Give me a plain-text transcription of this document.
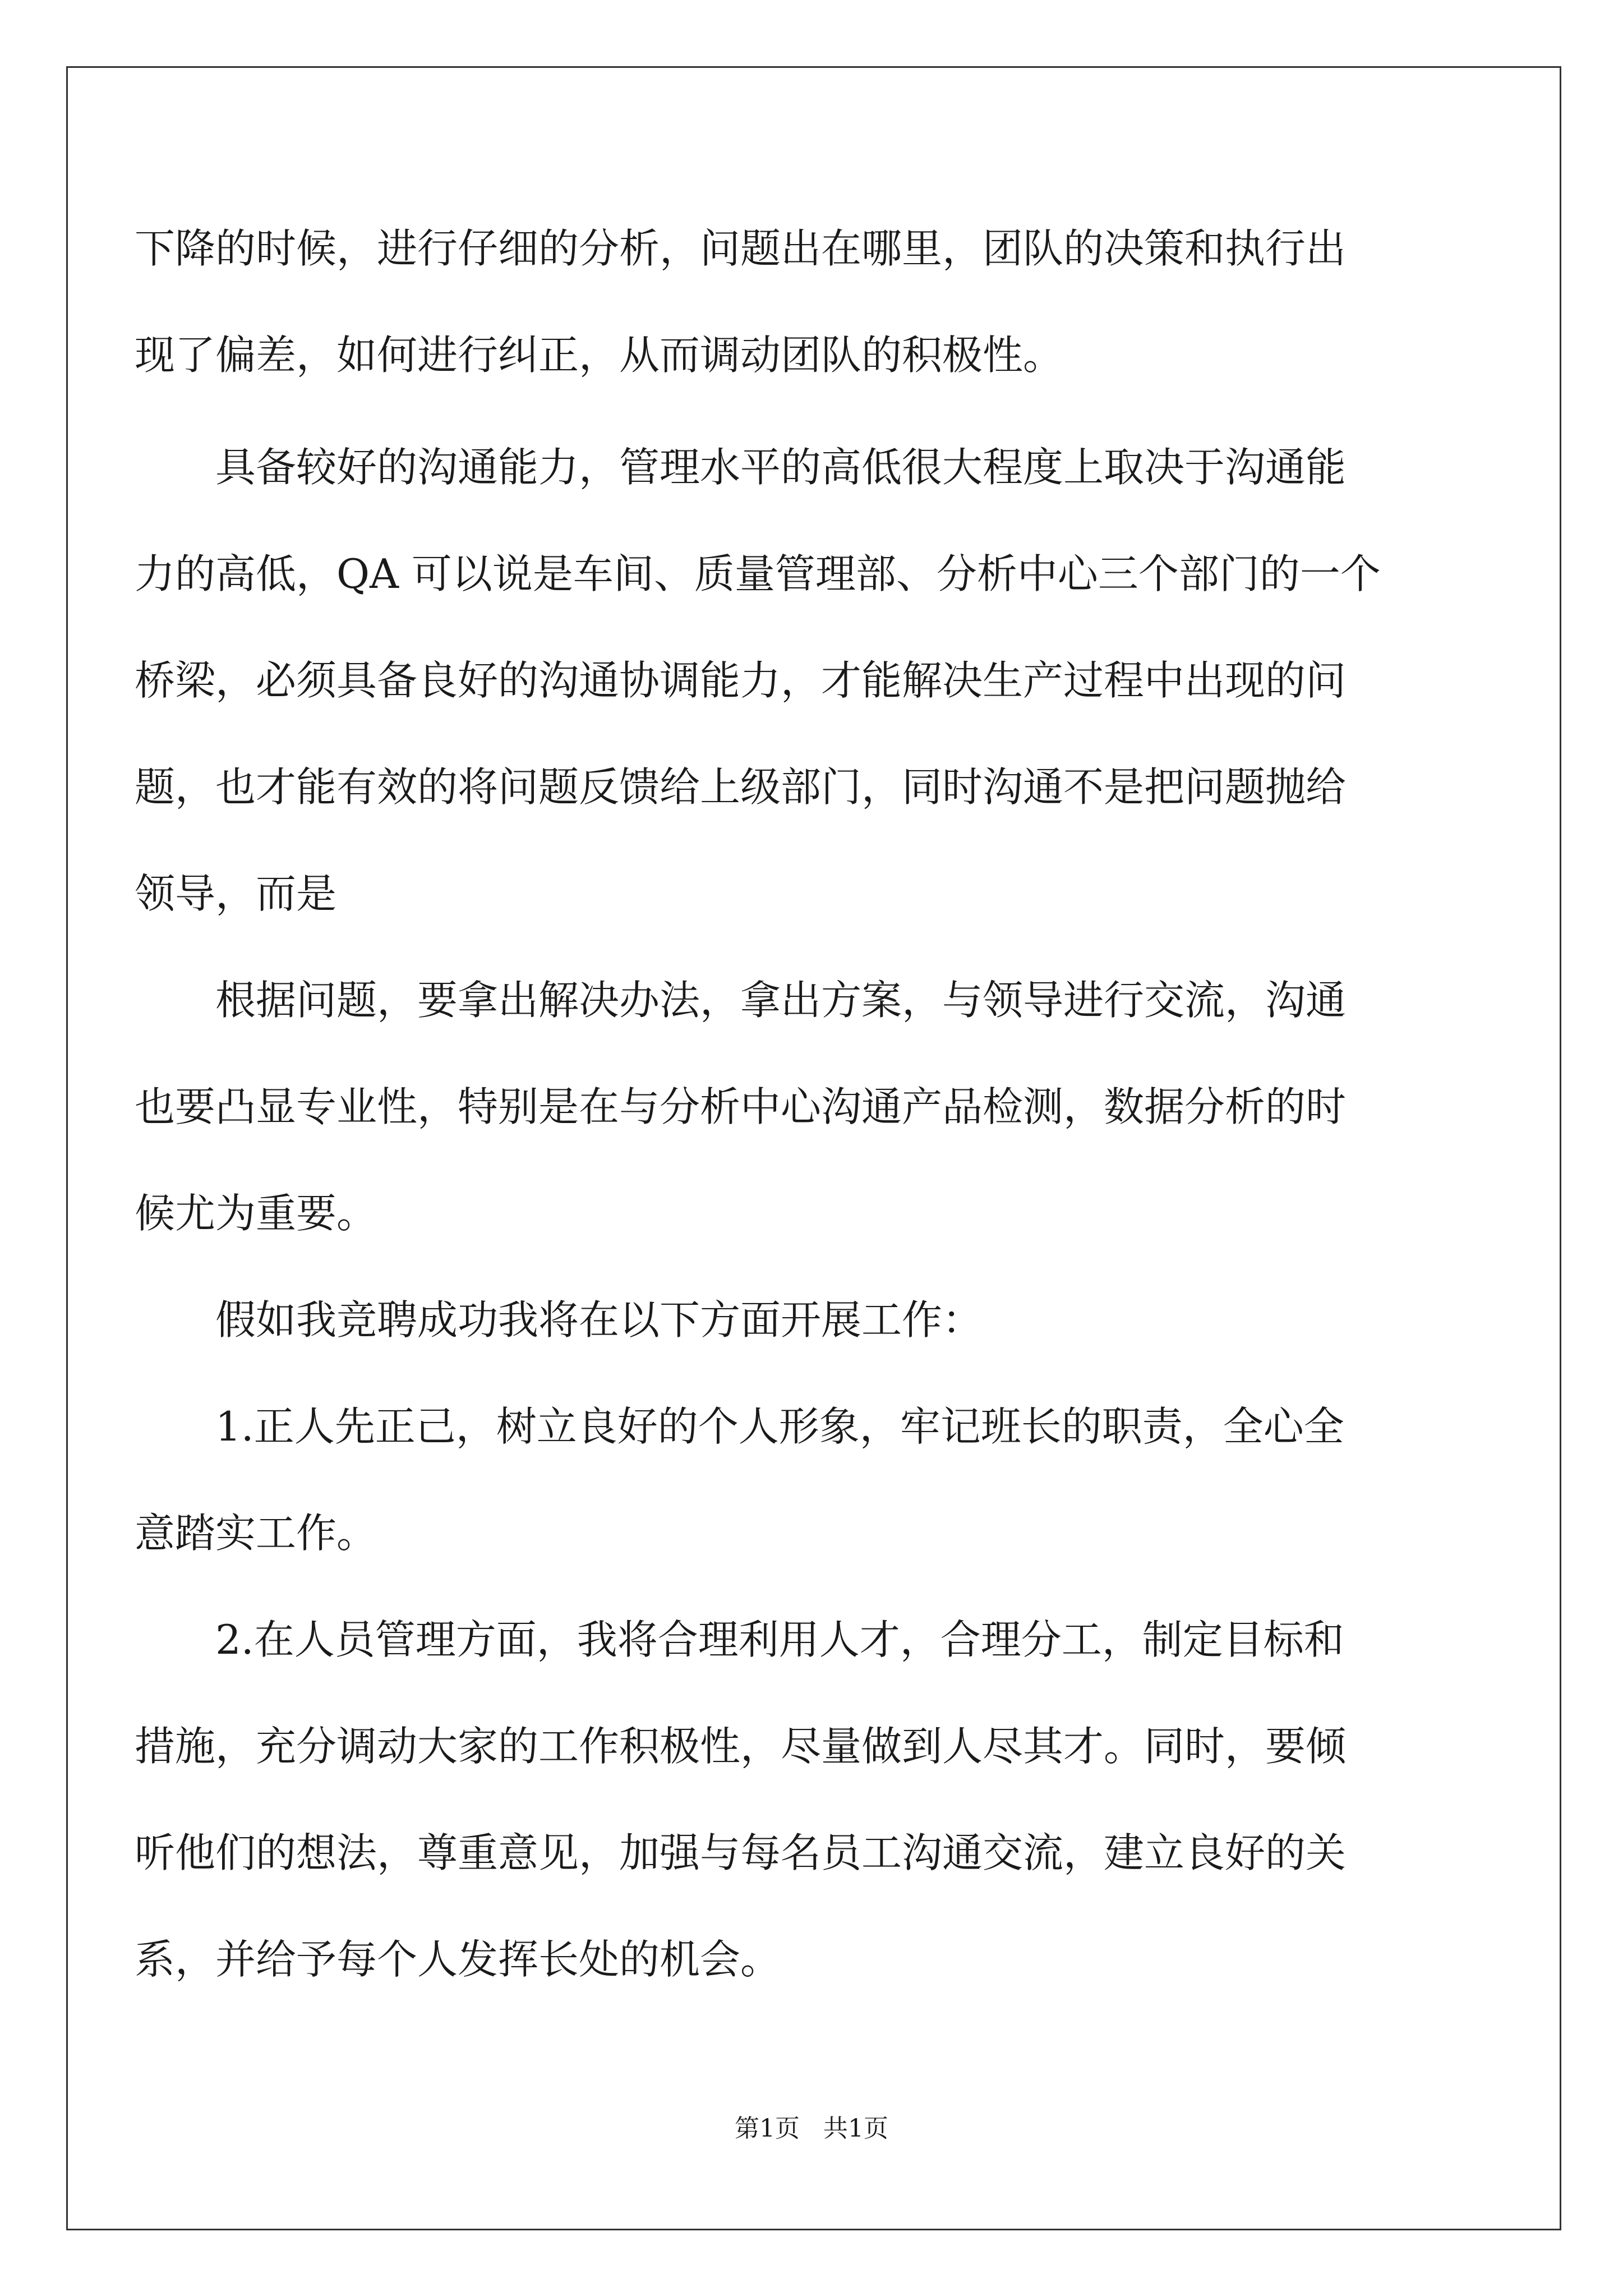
下降的时候，进行仔细的分析，问题出在哪里，团队的决策和执行出
现了偏差，如何进行纠正，从而调动团队的积极性。
具备较好的沟通能力，管理水平的高低很大程度上取决于沟通能
力的高低，QA 可以说是车间、质量管理部、分析中心三个部门的一个
桥梁，必须具备良好的沟通协调能力，才能解决生产过程中出现的问
题，也才能有效的将问题反馈给上级部门，同时沟通不是把问题抛给
领导，而是
根据问题，要拿出解决办法，拿出方案，与领导进行交流，沟通
也要凸显专业性，特别是在与分析中心沟通产品检测，数据分析的时
候尤为重要。
假如我竞聘成功我将在以下方面开展工作：
1.正人先正己，树立良好的个人形象，牢记班长的职责，全心全
意踏实工作。
2.在人员管理方面，我将合理利用人才，合理分工，制定目标和
措施，充分调动大家的工作积极性，尽量做到人尽其才。同时，要倾
听他们的想法，尊重意见，加强与每名员工沟通交流，建立良好的关
系，并给予每个人发挥长处的机会。
第1页   共1页
